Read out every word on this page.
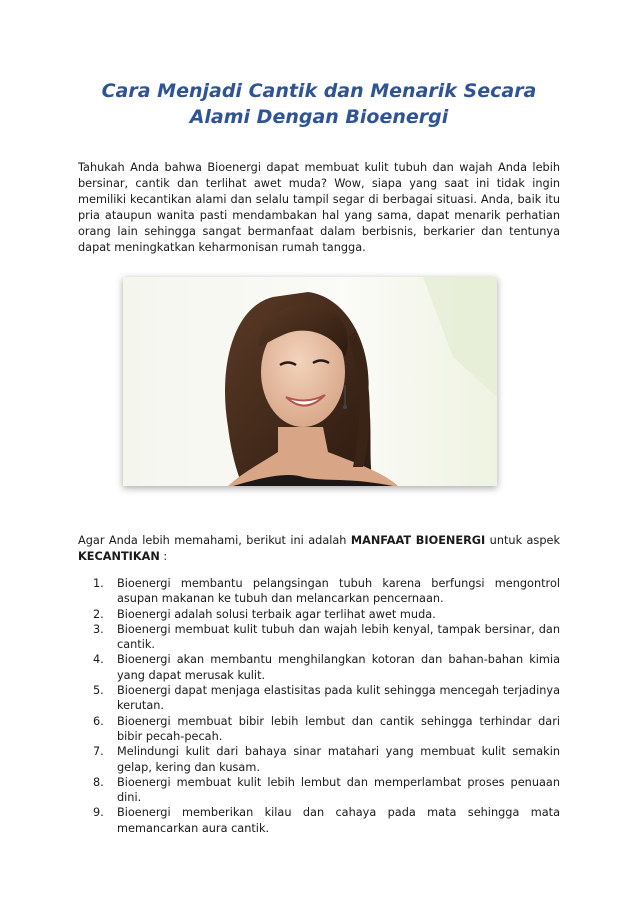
Cara Menjadi Cantik dan Menarik Secara Alami Dengan Bioenergi

Tahukah Anda bahwa Bioenergi dapat membuat kulit tubuh dan wajah Anda lebih bersinar, cantik dan terlihat awet muda? Wow, siapa yang saat ini tidak ingin memiliki kecantikan alami dan selalu tampil segar di berbagai situasi. Anda, baik itu pria ataupun wanita pasti mendambakan hal yang sama, dapat menarik perhatian orang lain sehingga sangat bermanfaat dalam berbisnis, berkarier dan tentunya dapat meningkatkan keharmonisan rumah tangga.

Agar Anda lebih memahami, berikut ini adalah MANFAAT BIOENERGI untuk aspek KECANTIKAN :

1. Bioenergi membantu pelangsingan tubuh karena berfungsi mengontrol asupan makanan ke tubuh dan melancarkan pencernaan.
2. Bioenergi adalah solusi terbaik agar terlihat awet muda.
3. Bioenergi membuat kulit tubuh dan wajah lebih kenyal, tampak bersinar, dan cantik.
4. Bioenergi akan membantu menghilangkan kotoran dan bahan-bahan kimia yang dapat merusak kulit.
5. Bioenergi dapat menjaga elastisitas pada kulit sehingga mencegah terjadinya kerutan.
6. Bioenergi membuat bibir lebih lembut dan cantik sehingga terhindar dari bibir pecah-pecah.
7. Melindungi kulit dari bahaya sinar matahari yang membuat kulit semakin gelap, kering dan kusam.
8. Bioenergi membuat kulit lebih lembut dan memperlambat proses penuaan dini.
9. Bioenergi memberikan kilau dan cahaya pada mata sehingga mata memancarkan aura cantik.
